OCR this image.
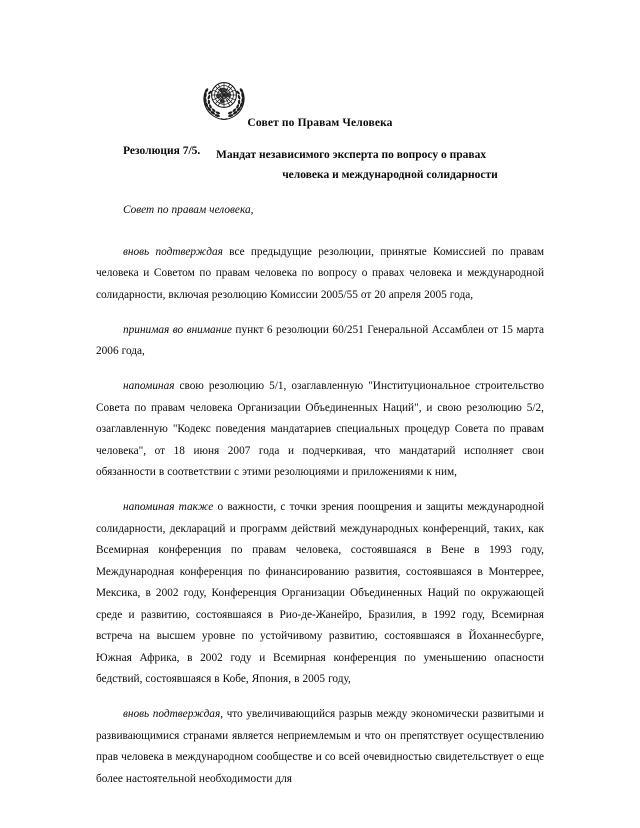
Совет по Правам Человека
Резолюция 7/5.	Мандат независимого эксперта по вопросу о правах
человека и международной солидарности

Совет по правам человека,

вновь подтверждая все предыдущие резолюции, принятые Комиссией по правам человека и Советом по правам человека по вопросу о правах человека и международной солидарности, включая резолюцию Комиссии 2005/55 от 20 апреля 2005 года,

принимая во внимание пункт 6 резолюции 60/251 Генеральной Ассамблеи от 15 марта 2006 года,

напоминая свою резолюцию 5/1, озаглавленную "Институциональное строительство Совета по правам человека Организации Объединенных Наций", и свою резолюцию 5/2, озаглавленную "Кодекс поведения мандатариев специальных процедур Совета по правам человека", от 18 июня 2007 года и подчеркивая, что мандатарий исполняет свои обязанности в соответствии с этими резолюциями и приложениями к ним,

напоминая также о важности, с точки зрения поощрения и защиты международной солидарности, деклараций и программ действий международных конференций, таких, как Всемирная конференция по правам человека, состоявшаяся в Вене в 1993 году, Международная конференция по финансированию развития, состоявшаяся в Монтеррее, Мексика, в 2002 году, Конференция Организации Объединенных Наций по окружающей среде и развитию, состоявшаяся в Рио-де-Жанейро, Бразилия, в 1992 году, Всемирная встреча на высшем уровне по устойчивому развитию, состоявшаяся в Йоханнесбурге, Южная Африка, в 2002 году и Всемирная конференция по уменьшению опасности бедствий, состоявшаяся в Кобе, Япония, в 2005 году,

вновь подтверждая, что увеличивающийся разрыв между экономически развитыми и развивающимися странами является неприемлемым и что он препятствует осуществлению прав человека в международном сообществе и со всей очевидностью свидетельствует о еще более настоятельной необходимости для
